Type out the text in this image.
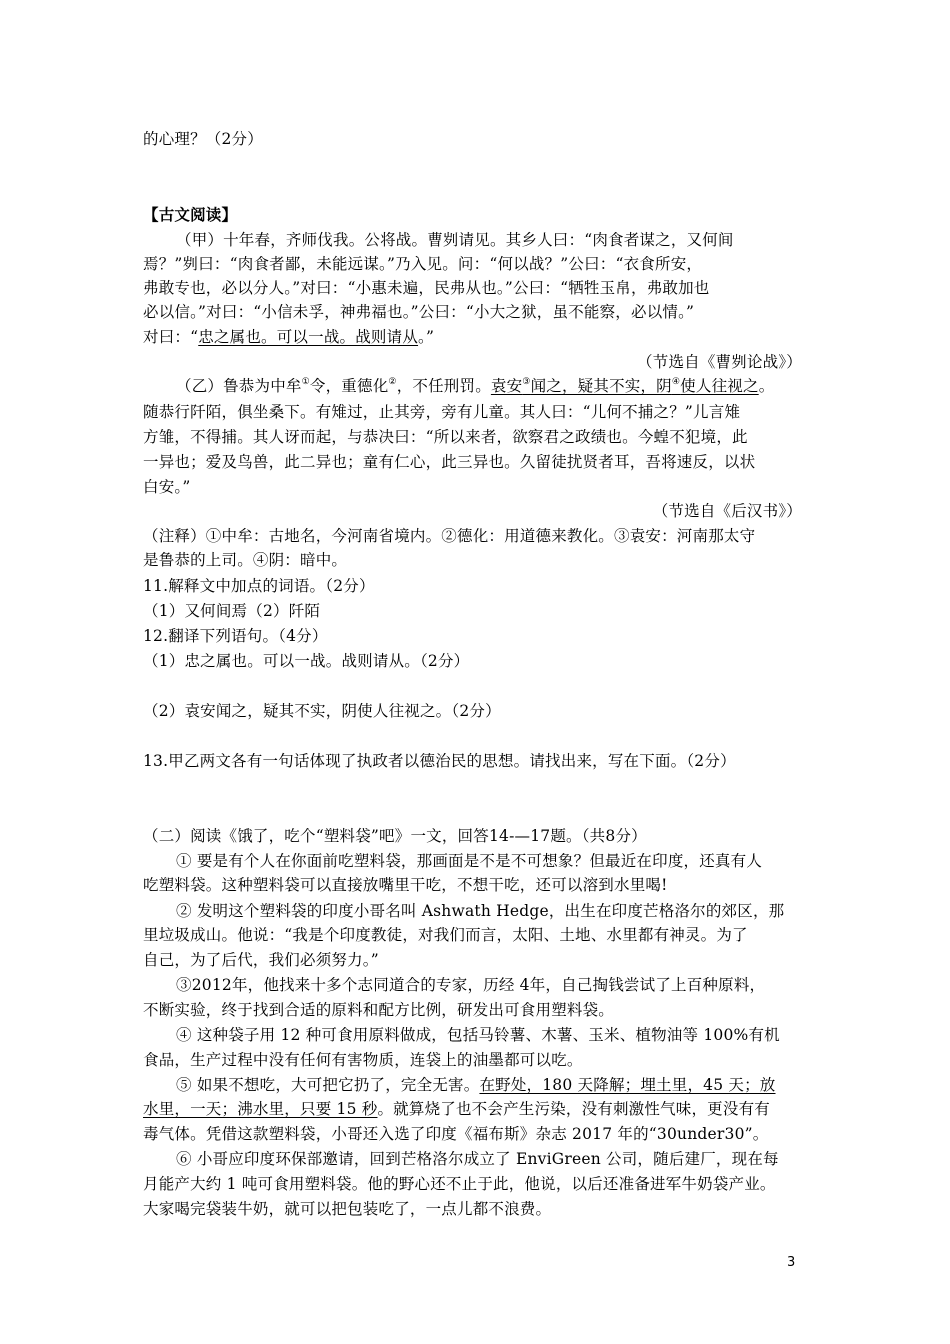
的心理？（2分）
【古文阅读】
（甲）十年春，齐师伐我。公将战。曹刿请见。其乡人曰：“肉食者谋之，又何间
焉？”刿曰：“肉食者鄙，未能远谋。”乃入见。问：“何以战？”公曰：“衣食所安，
弗敢专也，必以分人。”对曰：“小惠未遍，民弗从也。”公曰：“牺牲玉帛，弗敢加也
必以信。”对曰：“小信未孚，神弗福也。”公曰：“小大之狱，虽不能察，必以情。”
对曰：“忠之属也。可以一战。战则请从。”
（节选自《曹刿论战》）
（乙）鲁恭为中牟①令，重德化②，不任刑罚。袁安③闻之，疑其不实，阴④使人往视之。
随恭行阡陌，俱坐桑下。有雉过，止其旁，旁有儿童。其人曰：“儿何不捕之？”儿言雉
方雏，不得捕。其人讶而起，与恭决曰：“所以来者，欲察君之政绩也。今蝗不犯境，此
一异也；爱及鸟兽，此二异也；童有仁心，此三异也。久留徒扰贤者耳，吾将速反，以状
白安。”
（节选自《后汉书》）
（注释）①中牟：古地名，今河南省境内。②德化：用道德来教化。③袁安：河南那太守
是鲁恭的上司。④阴：暗中。
11.解释文中加点的词语。（2分）
（1）又何间焉（2）阡陌
12.翻译下列语句。（4分）
（1）忠之属也。可以一战。战则请从。（2分）
（2）袁安闻之，疑其不实，阴使人往视之。（2分）
13.甲乙两文各有一句话体现了执政者以德治民的思想。请找出来，写在下面。（2分）
（二）阅读《饿了，吃个“塑料袋”吧》一文，回答14-—17题。（共8分）
① 要是有个人在你面前吃塑料袋，那画面是不是不可想象？但最近在印度，还真有人
吃塑料袋。这种塑料袋可以直接放嘴里干吃，不想干吃，还可以溶到水里喝!
② 发明这个塑料袋的印度小哥名叫 Ashwath Hedge，出生在印度芒格洛尔的郊区，那
里垃圾成山。他说：“我是个印度教徒，对我们而言，太阳、土地、水里都有神灵。为了
自己，为了后代，我们必须努力。”
③2012年，他找来十多个志同道合的专家，历经 4年，自己掏钱尝试了上百种原料，
不断实验，终于找到合适的原料和配方比例，研发出可食用塑料袋。
④ 这种袋子用 12 种可食用原料做成，包括马铃薯、木薯、玉米、植物油等 100%有机
食品，生产过程中没有任何有害物质，连袋上的油墨都可以吃。
⑤ 如果不想吃，大可把它扔了，完全无害。在野处，180 天降解；埋土里，45 天；放
水里，一天；沸水里，只要 15 秒。就算烧了也不会产生污染，没有刺激性气味，更没有有
毒气体。凭借这款塑料袋，小哥还入选了印度《福布斯》杂志 2017 年的“30under30”。
⑥ 小哥应印度环保部邀请，回到芒格洛尔成立了 EnviGreen 公司，随后建厂，现在每
月能产大约 1 吨可食用塑料袋。他的野心还不止于此，他说，以后还准备进军牛奶袋产业。
大家喝完袋装牛奶，就可以把包装吃了，一点儿都不浪费。
3
